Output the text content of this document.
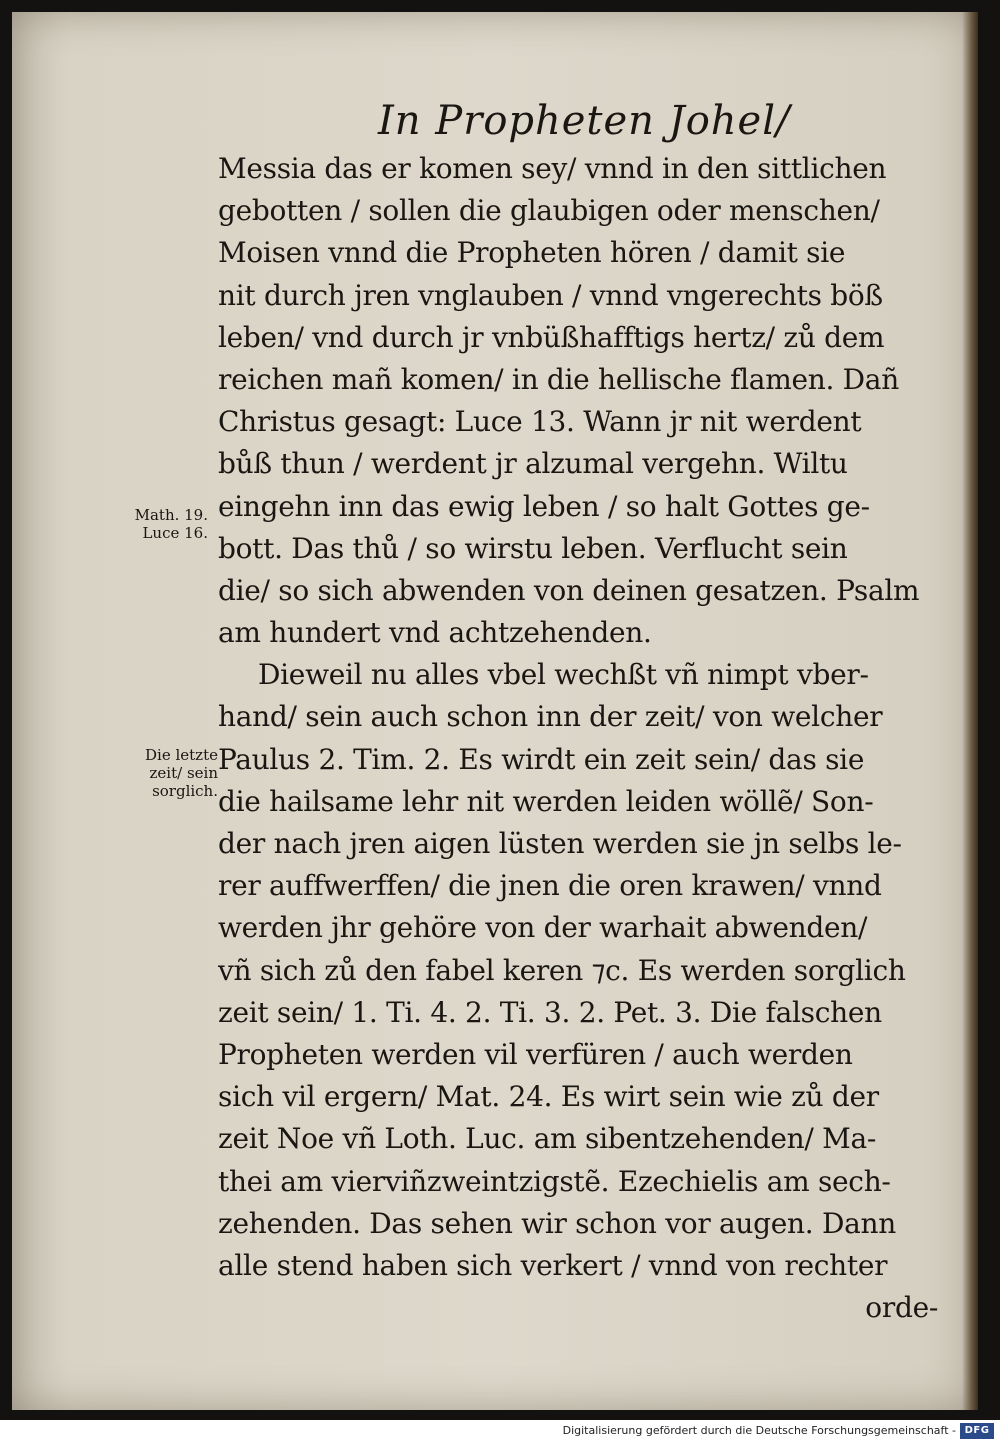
In Propheten Johel/
Messia das er komen sey/ vnnd in den sittlichen
gebotten / sollen die glaubigen oder menschen/
Moisen vnnd die Propheten hören / damit sie
nit durch jren vnglauben / vnnd vngerechts böß
leben/ vnd durch jr vnbüßhafftigs hertz/ zů dem
reichen mañ komen/ in die hellische flamen. Dañ
Christus gesagt: Luce 13. Wann jr nit werdent
bůß thun / werdent jr alzumal vergehn. Wiltu
eingehn inn das ewig leben / so halt Gottes ge-
bott. Das thů / so wirstu leben. Verflucht sein
die/ so sich abwenden von deinen gesatzen. Psalm
am hundert vnd achtzehenden.
Dieweil nu alles vbel wechßt vñ nimpt vber-
hand/ sein auch schon inn der zeit/ von welcher
Paulus 2. Tim. 2. Es wirdt ein zeit sein/ das sie
die hailsame lehr nit werden leiden wöllẽ/ Son-
der nach jren aigen lüsten werden sie jn selbs le-
rer auffwerffen/ die jnen die oren krawen/ vnnd
werden jhr gehöre von der warhait abwenden/
vñ sich zů den fabel keren ⁊c. Es werden sorglich
zeit sein/ 1. Ti. 4. 2. Ti. 3. 2. Pet. 3. Die falschen
Propheten werden vil verfüren / auch werden
sich vil ergern/ Mat. 24. Es wirt sein wie zů der
zeit Noe vñ Loth. Luc. am sibentzehenden/ Ma-
thei am vierviñzweintzigstẽ. Ezechielis am sech-
zehenden. Das sehen wir schon vor augen. Dann
alle stend haben sich verkert / vnnd von rechter
orde-
Math. 19.
Luce 16.
Die letzte
zeit/ sein
sorglich.
Digitalisierung gefördert durch die Deutsche Forschungsgemeinschaft - DFG
